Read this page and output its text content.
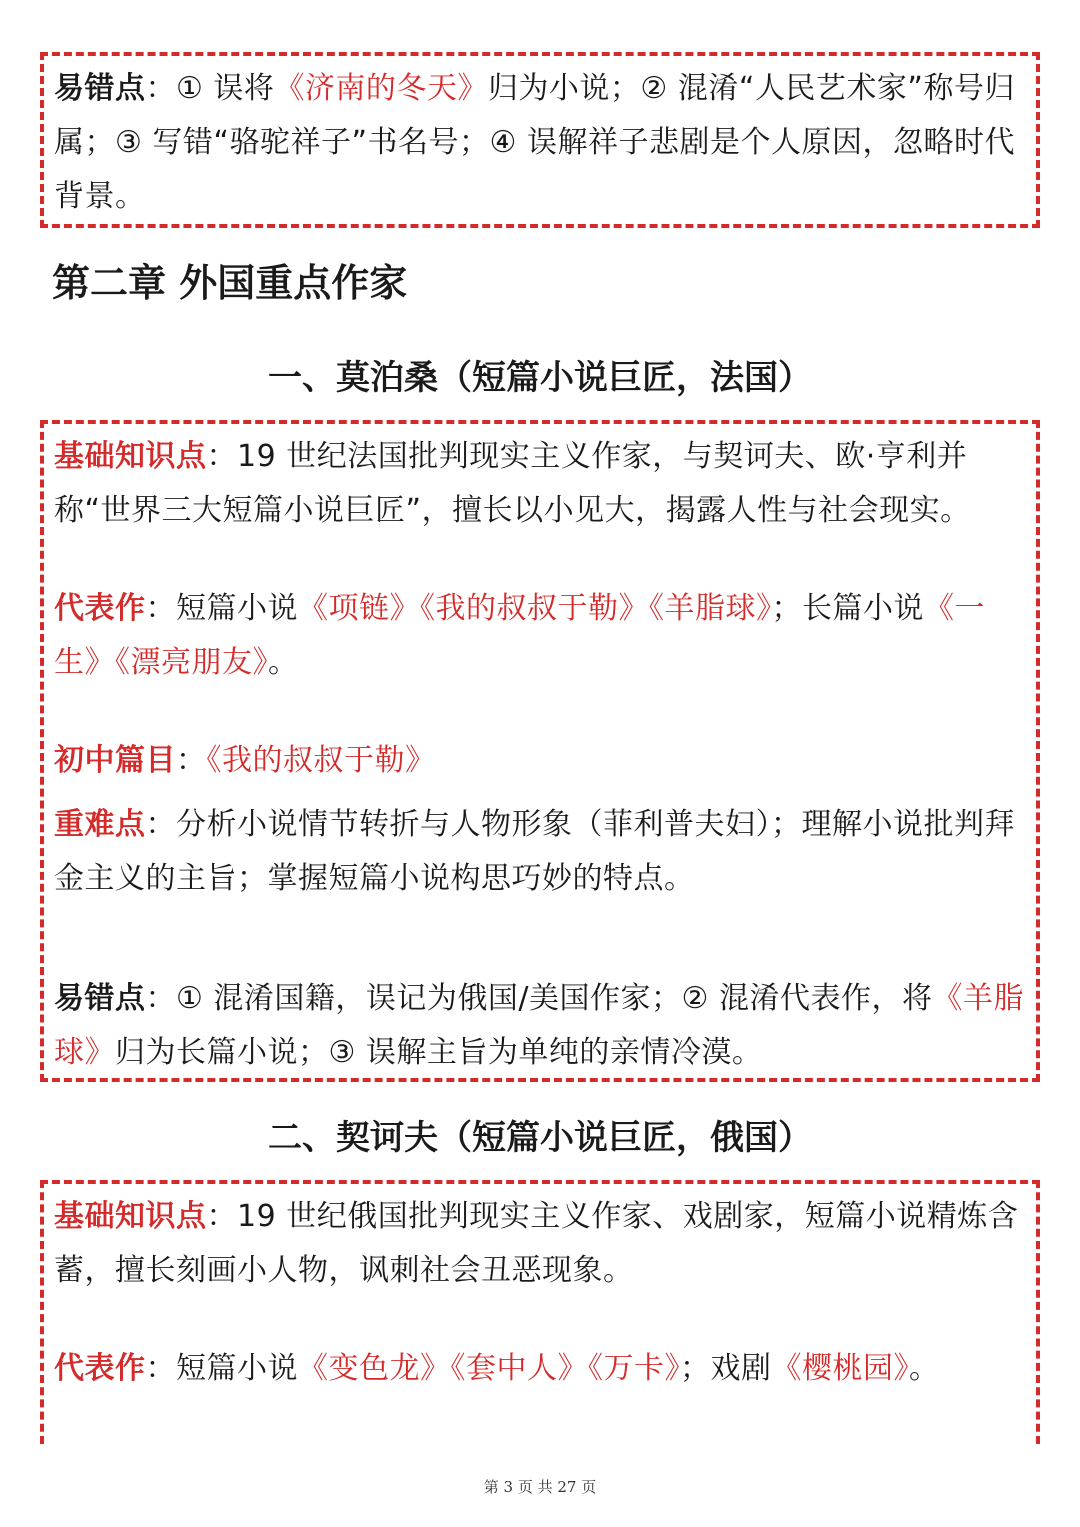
易错点：① 误将《济南的冬天》归为小说；② 混淆“人民艺术家”称号归属；③ 写错“骆驼祥子”书名号；④ 误解祥子悲剧是个人原因，忽略时代背景。

第二章 外国重点作家
一、莫泊桑（短篇小说巨匠，法国）

基础知识点：19 世纪法国批判现实主义作家，与契诃夫、欧·亨利并称“世界三大短篇小说巨匠”，擅长以小见大，揭露人性与社会现实。

代表作：短篇小说《项链》《我的叔叔于勒》《羊脂球》；长篇小说《一生》《漂亮朋友》。

初中篇目：《我的叔叔于勒》

重难点：分析小说情节转折与人物形象（菲利普夫妇）；理解小说批判拜金主义的主旨；掌握短篇小说构思巧妙的特点。

易错点：① 混淆国籍，误记为俄国/美国作家；② 混淆代表作，将《羊脂球》归为长篇小说；③ 误解主旨为单纯的亲情冷漠。

二、契诃夫（短篇小说巨匠，俄国）

基础知识点：19 世纪俄国批判现实主义作家、戏剧家，短篇小说精炼含蓄，擅长刻画小人物，讽刺社会丑恶现象。

代表作：短篇小说《变色龙》《套中人》《万卡》；戏剧《樱桃园》。

第 3 页 共 27 页
